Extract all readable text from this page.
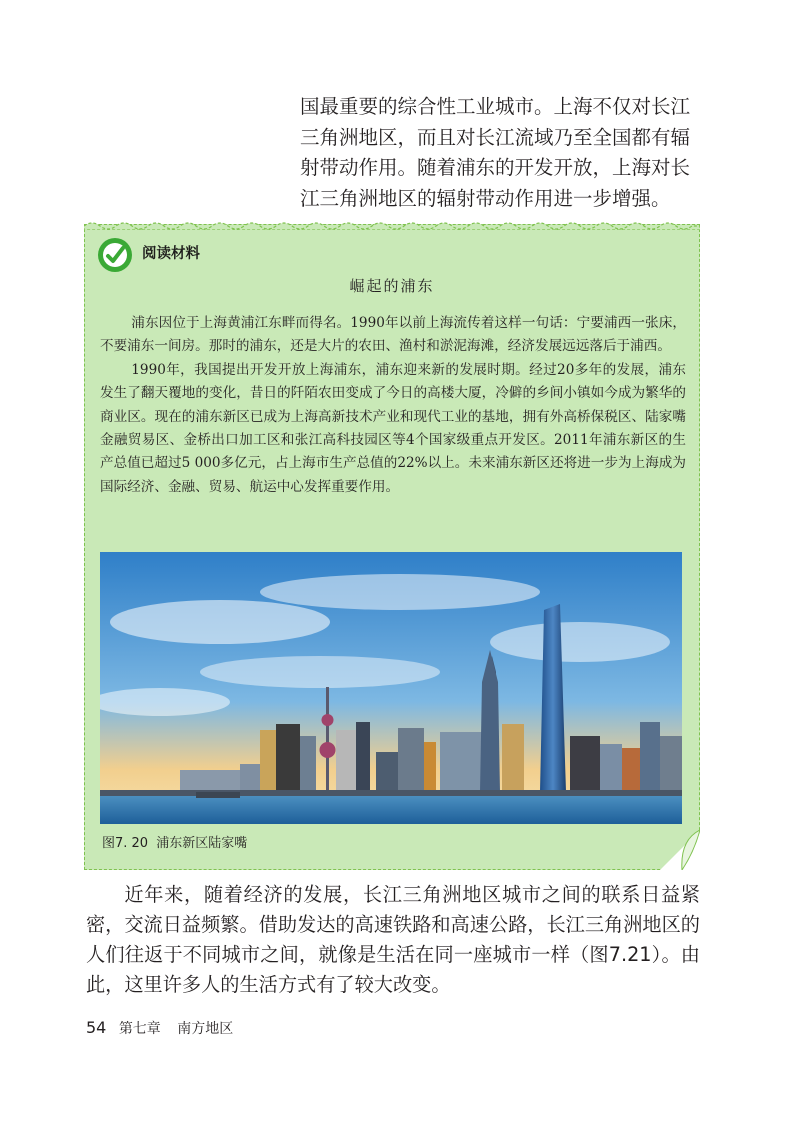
国最重要的综合性工业城市。上海不仅对长江三角洲地区，而且对长江流域乃至全国都有辐射带动作用。随着浦东的开发开放，上海对长江三角洲地区的辐射带动作用进一步增强。

阅读材料
崛起的浦东

浦东因位于上海黄浦江东畔而得名。1990年以前上海流传着这样一句话：宁要浦西一张床，不要浦东一间房。那时的浦东，还是大片的农田、渔村和淤泥海滩，经济发展远远落后于浦西。

1990年，我国提出开发开放上海浦东，浦东迎来新的发展时期。经过20多年的发展，浦东发生了翻天覆地的变化，昔日的阡陌农田变成了今日的高楼大厦，冷僻的乡间小镇如今成为繁华的商业区。现在的浦东新区已成为上海高新技术产业和现代工业的基地，拥有外高桥保税区、陆家嘴金融贸易区、金桥出口加工区和张江高科技园区等4个国家级重点开发区。2011年浦东新区的生产总值已超过5 000多亿元，占上海市生产总值的22%以上。未来浦东新区还将进一步为上海成为国际经济、金融、贸易、航运中心发挥重要作用。

图7. 20 浦东新区陆家嘴

近年来，随着经济的发展，长江三角洲地区城市之间的联系日益紧密，交流日益频繁。借助发达的高速铁路和高速公路，长江三角洲地区的人们往返于不同城市之间，就像是生活在同一座城市一样（图7.21）。由此，这里许多人的生活方式有了较大改变。

54 第七章 南方地区
